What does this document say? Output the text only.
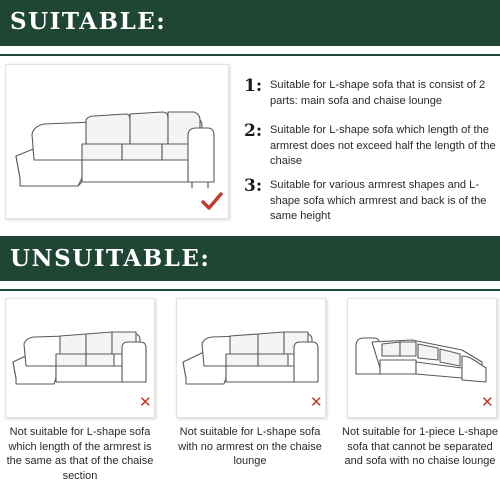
SUITABLE:
1: Suitable for L-shape sofa that is consist of 2 parts: main sofa and chaise lounge
2: Suitable for L-shape sofa which length of the armrest does not exceed half the length of the chaise
3: Suitable for various armrest shapes and L-shape sofa which armrest and back is of the same height
UNSUITABLE:
✕	✕	✕
Not suitable for L-shape sofa which length of the armrest is the same as that of the chaise section
Not suitable for L-shape sofa with no armrest on the chaise lounge
Not suitable for 1-piece L-shape sofa that cannot be separated and sofa with no chaise lounge
